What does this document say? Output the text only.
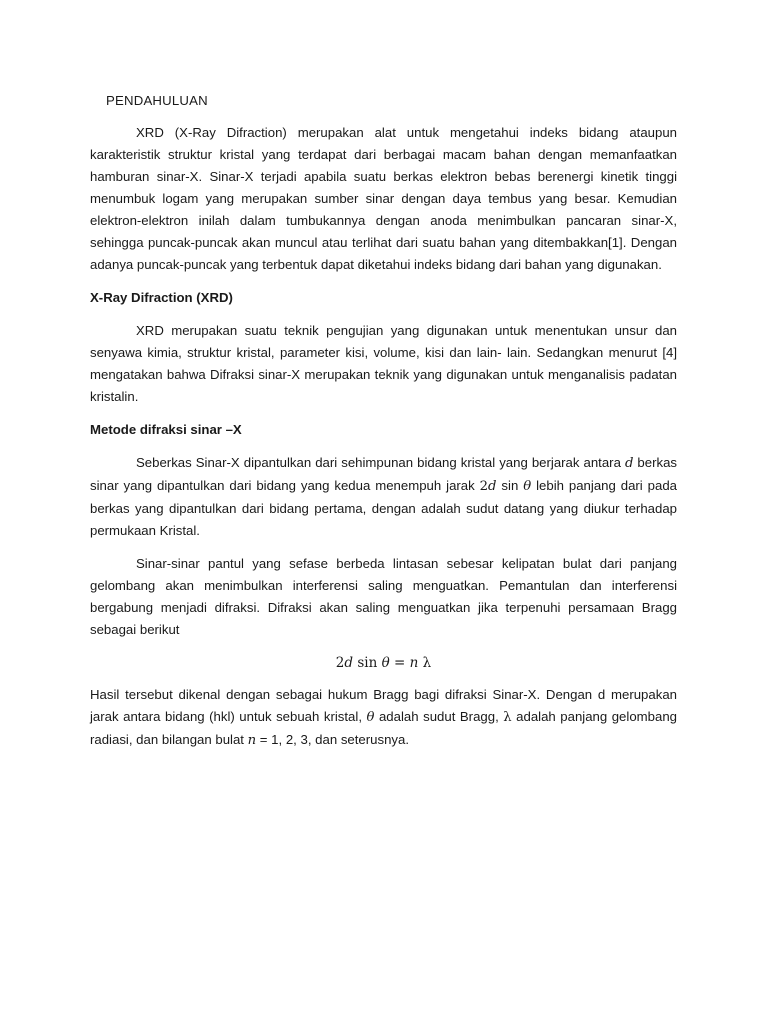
PENDAHULUAN

XRD (X-Ray Difraction) merupakan alat untuk mengetahui indeks bidang ataupun karakteristik struktur kristal yang terdapat dari berbagai macam bahan dengan memanfaatkan hamburan sinar-X. Sinar-X terjadi apabila suatu berkas elektron bebas berenergi kinetik tinggi menumbuk logam yang merupakan sumber sinar dengan daya tembus yang besar. Kemudian elektron-elektron inilah dalam tumbukannya dengan anoda menimbulkan pancaran sinar-X, sehingga puncak-puncak akan muncul atau terlihat dari suatu bahan yang ditembakkan[1]. Dengan adanya puncak-puncak yang terbentuk dapat diketahui indeks bidang dari bahan yang digunakan.

X-Ray Difraction (XRD)

XRD merupakan suatu teknik pengujian yang digunakan untuk menentukan unsur dan senyawa kimia, struktur kristal, parameter kisi, volume, kisi dan lain- lain. Sedangkan menurut [4] mengatakan bahwa Difraksi sinar-X merupakan teknik yang digunakan untuk menganalisis padatan kristalin.

Metode difraksi sinar –X

Seberkas Sinar-X dipantulkan dari sehimpunan bidang kristal yang berjarak antara d berkas sinar yang dipantulkan dari bidang yang kedua menempuh jarak 2d sin θ lebih panjang dari pada berkas yang dipantulkan dari bidang pertama, dengan adalah sudut datang yang diukur terhadap permukaan Kristal.

Sinar-sinar pantul yang sefase berbeda lintasan sebesar kelipatan bulat dari panjang gelombang akan menimbulkan interferensi saling menguatkan. Pemantulan dan interferensi bergabung menjadi difraksi. Difraksi akan saling menguatkan jika terpenuhi persamaan Bragg sebagai berikut

2d sin θ = n λ

Hasil tersebut dikenal dengan sebagai hukum Bragg bagi difraksi Sinar-X. Dengan d merupakan jarak antara bidang (hkl) untuk sebuah kristal, θ adalah sudut Bragg, λ adalah panjang gelombang radiasi, dan bilangan bulat n = 1, 2, 3, dan seterusnya.
